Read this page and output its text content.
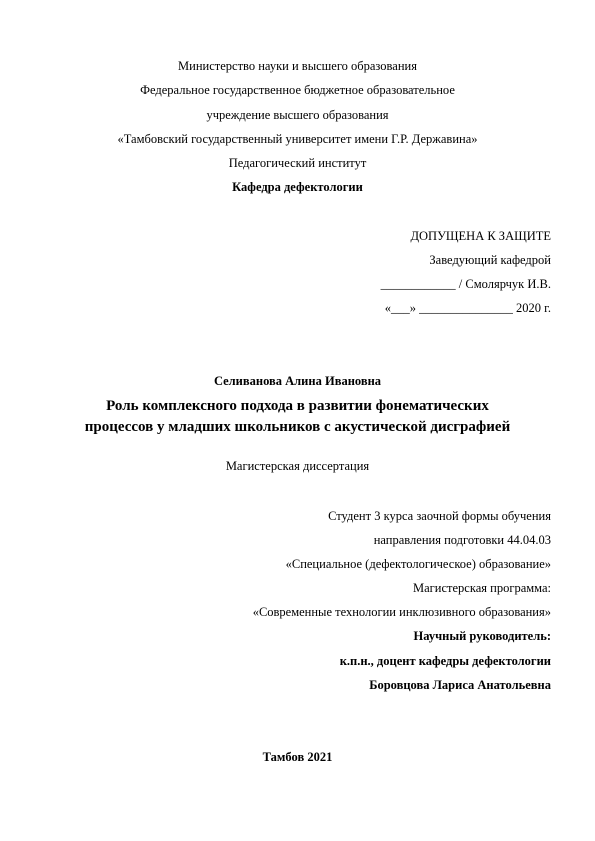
Министерство науки и высшего образования
Федеральное государственное бюджетное образовательное
учреждение высшего образования
«Тамбовский государственный университет имени Г.Р. Державина»
Педагогический институт
Кафедра дефектологии
ДОПУЩЕНА К ЗАЩИТЕ
Заведующий кафедрой
____________ / Смолярчук И.В.
«___» _______________ 2020 г.
Селиванова Алина Ивановна
Роль комплексного подхода в развитии фонематических
процессов у младших школьников с акустической дисграфией
Магистерская диссертация
Студент 3 курса заочной формы обучения
направления подготовки 44.04.03
«Специальное (дефектологическое) образование»
Магистерская программа:
«Современные технологии инклюзивного образования»
Научный руководитель:
к.п.н., доцент кафедры дефектологии
Боровцова Лариса Анатольевна
Тамбов 2021
